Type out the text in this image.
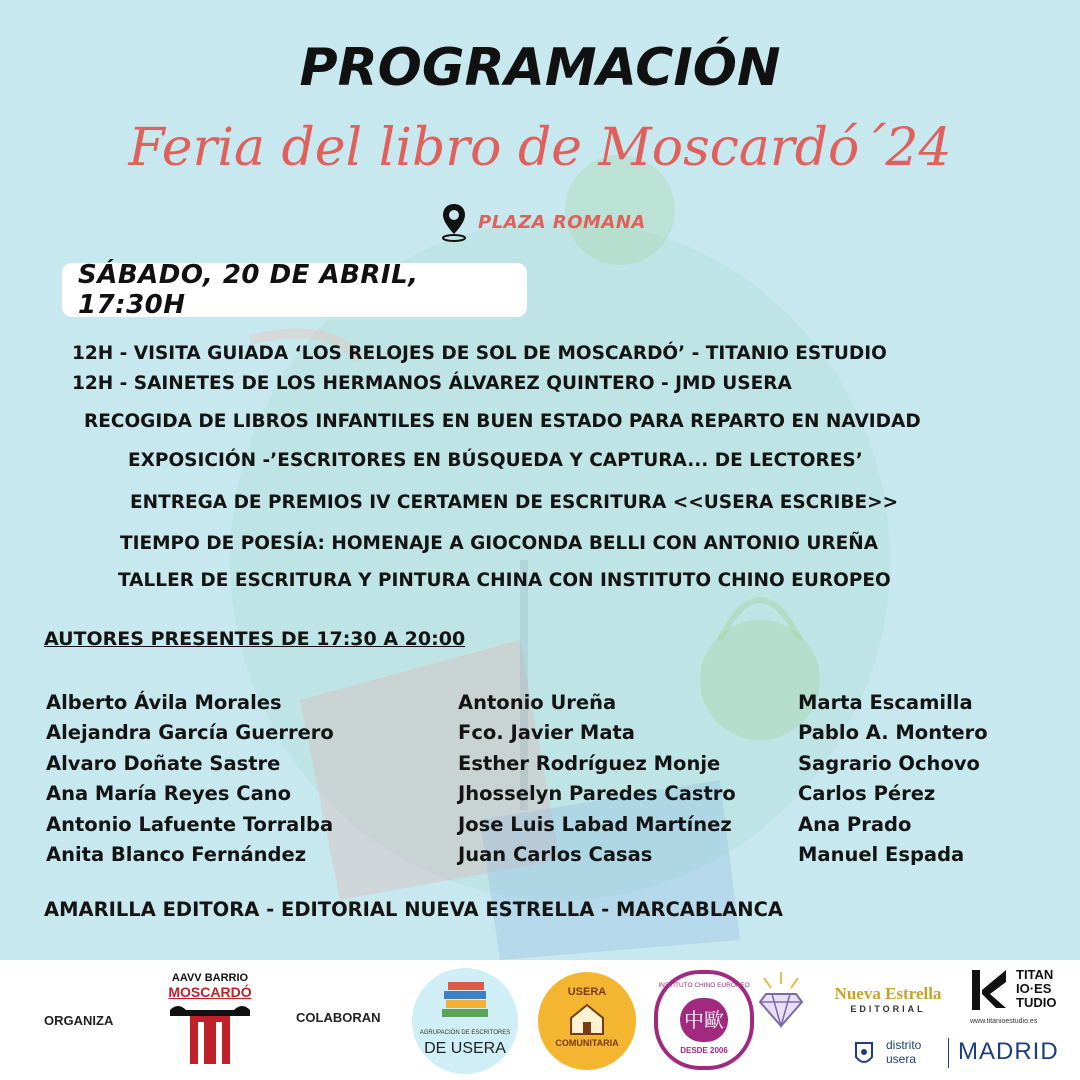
PROGRAMACIÓN
Feria del libro de Moscardó´24
PLAZA ROMANA
SÁBADO, 20 DE ABRIL, 17:30H
12H - VISITA GUIADA ‘LOS RELOJES DE SOL DE MOSCARDÓ’ - TITANIO ESTUDIO
12H - SAINETES DE LOS HERMANOS ÁLVAREZ QUINTERO - JMD USERA
RECOGIDA DE LIBROS INFANTILES EN BUEN ESTADO PARA REPARTO EN NAVIDAD
EXPOSICIÓN -’ESCRITORES EN BÚSQUEDA Y CAPTURA... DE LECTORES’
ENTREGA DE PREMIOS IV CERTAMEN DE ESCRITURA <<USERA ESCRIBE>>
TIEMPO DE POESÍA: HOMENAJE A GIOCONDA BELLI CON ANTONIO UREÑA
TALLER DE ESCRITURA Y PINTURA CHINA CON INSTITUTO CHINO EUROPEO
AUTORES PRESENTES DE 17:30 A 20:00
Alberto Ávila Morales
Alejandra García Guerrero
Alvaro Doñate Sastre
Ana María Reyes Cano
Antonio Lafuente Torralba
Anita Blanco Fernández
Antonio Ureña
Fco. Javier Mata
Esther Rodríguez Monje
Jhosselyn Paredes Castro
Jose Luis Labad Martínez
Juan Carlos Casas
Marta Escamilla
Pablo A. Montero
Sagrario Ochovo
Carlos Pérez
Ana Prado
Manuel Espada
AMARILLA EDITORA - EDITORIAL NUEVA ESTRELLA - MARCABLANCA
ORGANIZA
AAVV BARRIO
MOSCARDÓ
COLABORAN
AGRUPACIÓN DE ESCRITORES
DE USERA
USERA
COMUNITARIA
INSTITUTO CHINO EUROPEO
中歐
DESDE 2006
Nueva Estrella
EDITORIAL
TITAN
IO·ES
TUDIO
www.titanioestudio.es
distrito
usera MADRID
